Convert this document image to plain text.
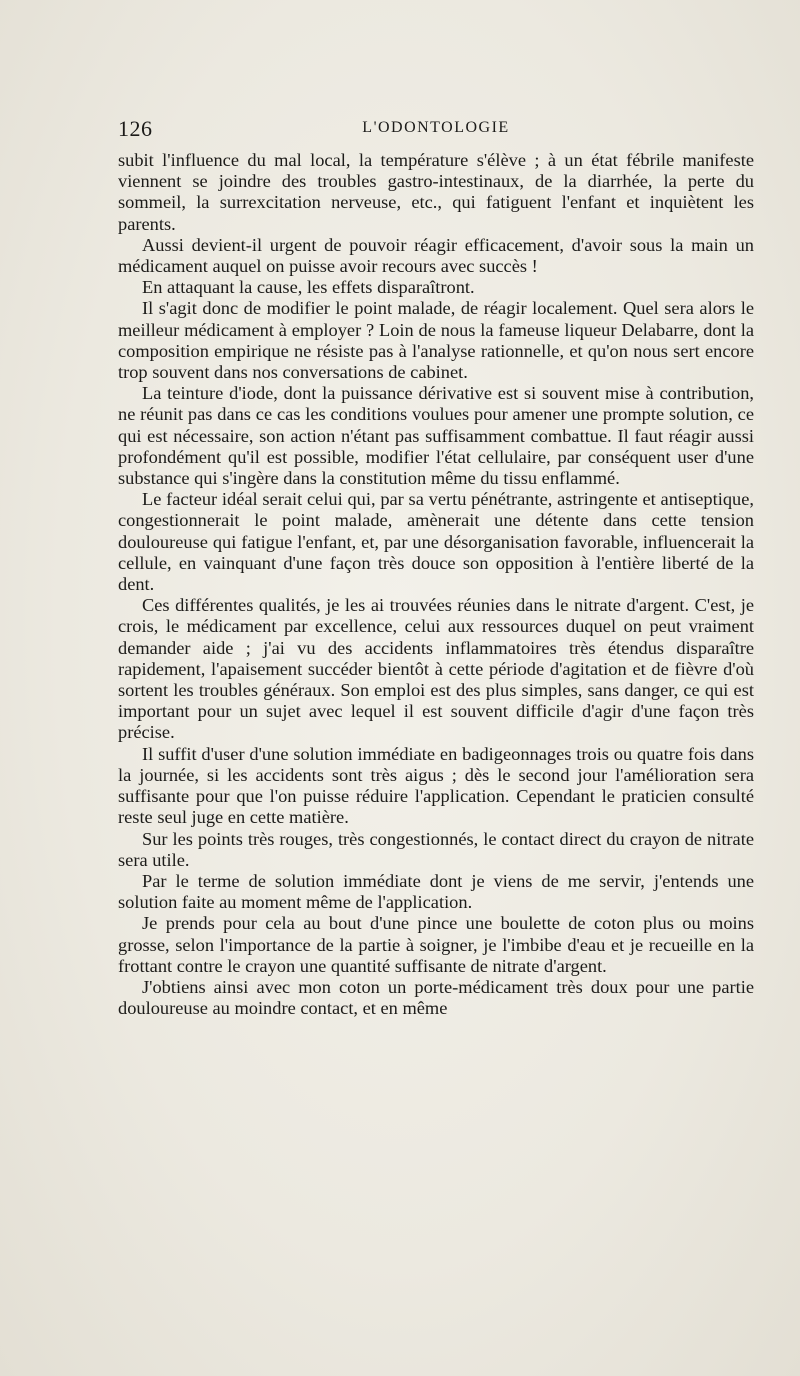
126	L'ODONTOLOGIE

subit l'influence du mal local, la température s'élève ; à un état fébrile manifeste viennent se joindre des troubles gastro-intestinaux, de la diarrhée, la perte du sommeil, la surrexcitation nerveuse, etc., qui fatiguent l'enfant et inquiètent les parents.

Aussi devient-il urgent de pouvoir réagir efficacement, d'avoir sous la main un médicament auquel on puisse avoir recours avec succès !

En attaquant la cause, les effets disparaîtront.

Il s'agit donc de modifier le point malade, de réagir localement. Quel sera alors le meilleur médicament à employer ? Loin de nous la fameuse liqueur Delabarre, dont la composition empirique ne résiste pas à l'analyse rationnelle, et qu'on nous sert encore trop souvent dans nos conversations de cabinet.

La teinture d'iode, dont la puissance dérivative est si souvent mise à contribution, ne réunit pas dans ce cas les conditions voulues pour amener une prompte solution, ce qui est nécessaire, son action n'étant pas suffisamment combattue. Il faut réagir aussi profondément qu'il est possible, modifier l'état cellulaire, par conséquent user d'une substance qui s'ingère dans la constitution même du tissu enflammé.

Le facteur idéal serait celui qui, par sa vertu pénétrante, astringente et antiseptique, congestionnerait le point malade, amènerait une détente dans cette tension douloureuse qui fatigue l'enfant, et, par une désorganisation favorable, influencerait la cellule, en vainquant d'une façon très douce son opposition à l'entière liberté de la dent.

Ces différentes qualités, je les ai trouvées réunies dans le nitrate d'argent. C'est, je crois, le médicament par excellence, celui aux ressources duquel on peut vraiment demander aide ; j'ai vu des accidents inflammatoires très étendus disparaître rapidement, l'apaisement succéder bientôt à cette période d'agitation et de fièvre d'où sortent les troubles généraux. Son emploi est des plus simples, sans danger, ce qui est important pour un sujet avec lequel il est souvent difficile d'agir d'une façon très précise.

Il suffit d'user d'une solution immédiate en badigeonnages trois ou quatre fois dans la journée, si les accidents sont très aigus ; dès le second jour l'amélioration sera suffisante pour que l'on puisse réduire l'application. Cependant le praticien consulté reste seul juge en cette matière.

Sur les points très rouges, très congestionnés, le contact direct du crayon de nitrate sera utile.

Par le terme de solution immédiate dont je viens de me servir, j'entends une solution faite au moment même de l'application.

Je prends pour cela au bout d'une pince une boulette de coton plus ou moins grosse, selon l'importance de la partie à soigner, je l'imbibe d'eau et je recueille en la frottant contre le crayon une quantité suffisante de nitrate d'argent.

J'obtiens ainsi avec mon coton un porte-médicament très doux pour une partie douloureuse au moindre contact, et en même
